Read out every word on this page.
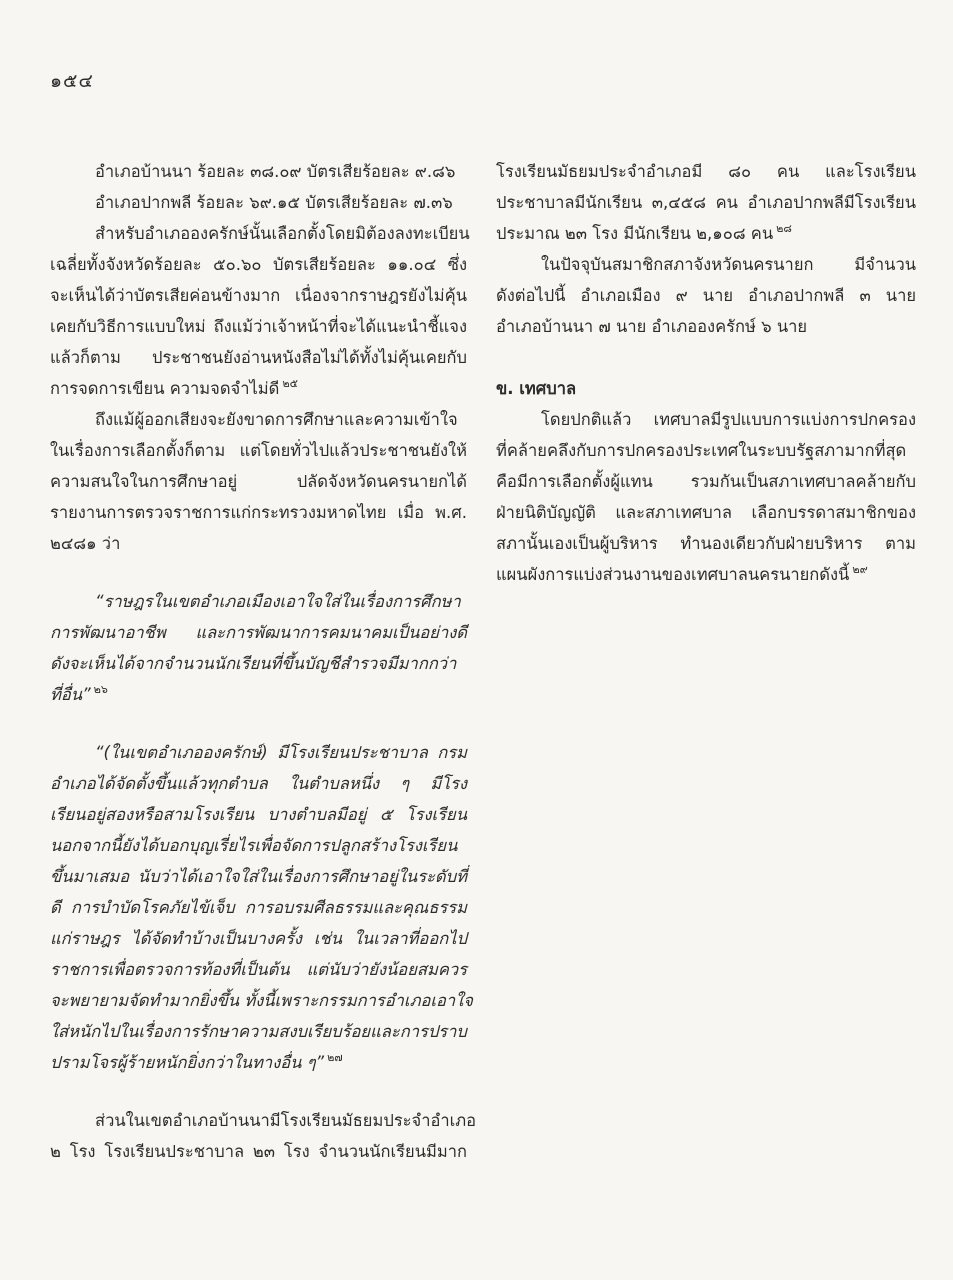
๑๕๔
อำเภอบ้านนา ร้อยละ ๓๘.๐๙ บัตรเสียร้อยละ ๙.๘๖
อำเภอปากพลี ร้อยละ ๖๙.๑๕ บัตรเสียร้อยละ ๗.๓๖
สำหรับอำเภอองครักษ์นั้นเลือกตั้งโดยมิต้องลงทะเบียน
เฉลี่ยทั้งจังหวัดร้อยละ ๕๐.๖๐ บัตรเสียร้อยละ ๑๑.๐๔ ซึ่ง
จะเห็นได้ว่าบัตรเสียค่อนข้างมาก เนื่องจากราษฎรยังไม่คุ้น
เคยกับวิธีการแบบใหม่ ถึงแม้ว่าเจ้าหน้าที่จะได้แนะนำชี้แจง
แล้วก็ตาม ประชาชนยังอ่านหนังสือไม่ได้ทั้งไม่คุ้นเคยกับ
การจดการเขียน ความจดจำไม่ดี $^{๒๕}$
ถึงแม้ผู้ออกเสียงจะยังขาดการศึกษาและความเข้าใจ
ในเรื่องการเลือกตั้งก็ตาม แต่โดยทั่วไปแล้วประชาชนยังให้
ความสนใจในการศึกษาอยู่ ปลัดจังหวัดนครนายกได้
รายงานการตรวจราชการแก่กระทรวงมหาดไทย เมื่อ พ.ศ.
๒๔๘๑ ว่า
“ราษฎรในเขตอำเภอเมืองเอาใจใส่ในเรื่องการศึกษา
การพัฒนาอาชีพ และการพัฒนาการคมนาคมเป็นอย่างดี
ดังจะเห็นได้จากจำนวนนักเรียนที่ขึ้นบัญชีสำรวจมีมากกว่า
ที่อื่น” $^{๒๖}$
“(ในเขตอำเภอองครักษ์) มีโรงเรียนประชาบาล กรม
อำเภอได้จัดตั้งขึ้นแล้วทุกตำบล ในตำบลหนึ่ง ๆ มีโรง
เรียนอยู่สองหรือสามโรงเรียน บางตำบลมีอยู่ ๕ โรงเรียน
นอกจากนี้ยังได้บอกบุญเรี่ยไรเพื่อจัดการปลูกสร้างโรงเรียน
ขึ้นมาเสมอ นับว่าได้เอาใจใส่ในเรื่องการศึกษาอยู่ในระดับที่
ดี การบำบัดโรคภัยไข้เจ็บ การอบรมศีลธรรมและคุณธรรม
แก่ราษฎร ได้จัดทำบ้างเป็นบางครั้ง เช่น ในเวลาที่ออกไป
ราชการเพื่อตรวจการท้องที่เป็นต้น แต่นับว่ายังน้อยสมควร
จะพยายามจัดทำมากยิ่งขึ้น ทั้งนี้เพราะกรรมการอำเภอเอาใจ
ใส่หนักไปในเรื่องการรักษาความสงบเรียบร้อยและการปราบ
ปรามโจรผู้ร้ายหนักยิ่งกว่าในทางอื่น ๆ” $^{๒๗}$
ส่วนในเขตอำเภอบ้านนามีโรงเรียนมัธยมประจำอำเภอ
๒ โรง โรงเรียนประชาบาล ๒๓ โรง จำนวนนักเรียนมีมาก
โรงเรียนมัธยมประจำอำเภอมี ๘๐ คน และโรงเรียน
ประชาบาลมีนักเรียน ๓,๔๕๘ คน อำเภอปากพลีมีโรงเรียน
ประมาณ ๒๓ โรง มีนักเรียน ๒,๑๐๘ คน $^{๒๘}$
ในปัจจุบันสมาชิกสภาจังหวัดนครนายก มีจำนวน
ดังต่อไปนี้ อำเภอเมือง ๙ นาย อำเภอปากพลี ๓ นาย
อำเภอบ้านนา ๗ นาย อำเภอองครักษ์ ๖ นาย
ข. เทศบาล
โดยปกติแล้ว เทศบาลมีรูปแบบการแบ่งการปกครอง
ที่คล้ายคลึงกับการปกครองประเทศในระบบรัฐสภามากที่สุด
คือมีการเลือกตั้งผู้แทน รวมกันเป็นสภาเทศบาลคล้ายกับ
ฝ่ายนิติบัญญัติ และสภาเทศบาล เลือกบรรดาสมาชิกของ
สภานั้นเองเป็นผู้บริหาร ทำนองเดียวกับฝ่ายบริหาร ตาม
แผนผังการแบ่งส่วนงานของเทศบาลนครนายกดังนี้ $^{๒๙}$
